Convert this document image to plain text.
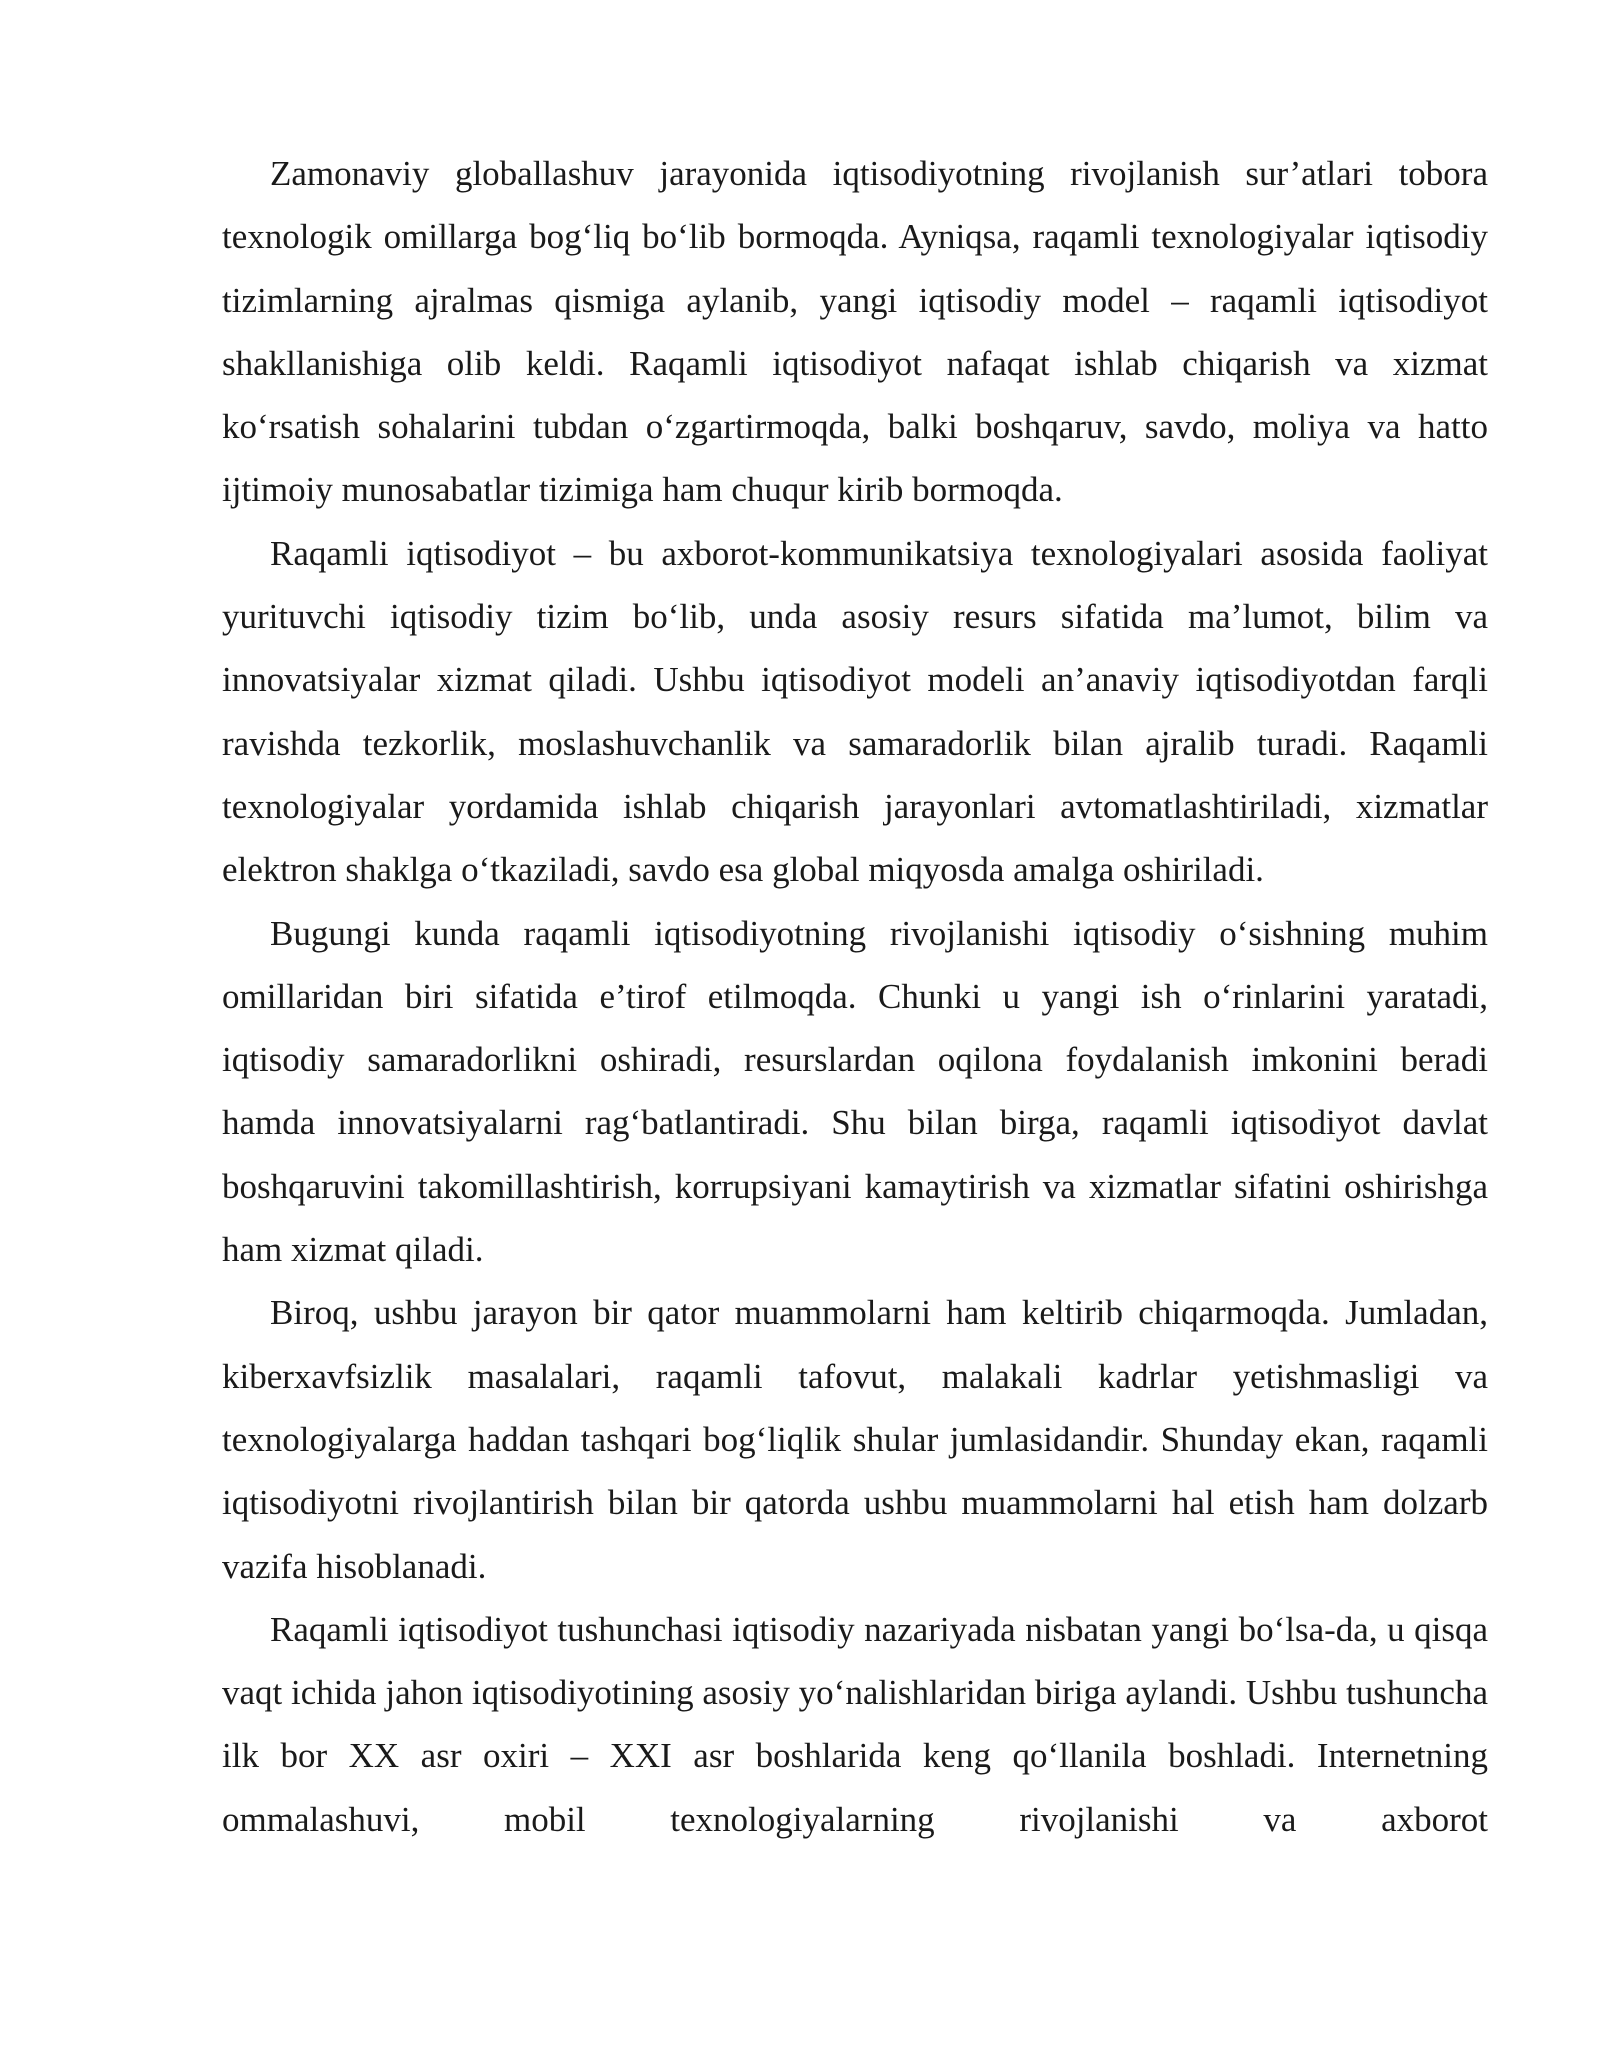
Zamonaviy globallashuv jarayonida iqtisodiyotning rivojlanish sur’atlari tobora texnologik omillarga bog‘liq bo‘lib bormoqda. Ayniqsa, raqamli texnologiyalar iqtisodiy tizimlarning ajralmas qismiga aylanib, yangi iqtisodiy model – raqamli iqtisodiyot shakllanishiga olib keldi. Raqamli iqtisodiyot nafaqat ishlab chiqarish va xizmat ko‘rsatish sohalarini tubdan o‘zgartirmoqda, balki boshqaruv, savdo, moliya va hatto ijtimoiy munosabatlar tizimiga ham chuqur kirib bormoqda.

Raqamli iqtisodiyot – bu axborot-kommunikatsiya texnologiyalari asosida faoliyat yurituvchi iqtisodiy tizim bo‘lib, unda asosiy resurs sifatida ma’lumot, bilim va innovatsiyalar xizmat qiladi. Ushbu iqtisodiyot modeli an’anaviy iqtisodiyotdan farqli ravishda tezkorlik, moslashuvchanlik va samaradorlik bilan ajralib turadi. Raqamli texnologiyalar yordamida ishlab chiqarish jarayonlari avtomatlashtiriladi, xizmatlar elektron shaklga o‘tkaziladi, savdo esa global miqyosda amalga oshiriladi.

Bugungi kunda raqamli iqtisodiyotning rivojlanishi iqtisodiy o‘sishning muhim omillaridan biri sifatida e’tirof etilmoqda. Chunki u yangi ish o‘rinlarini yaratadi, iqtisodiy samaradorlikni oshiradi, resurslardan oqilona foydalanish imkonini beradi hamda innovatsiyalarni rag‘batlantiradi. Shu bilan birga, raqamli iqtisodiyot davlat boshqaruvini takomillashtirish, korrupsiyani kamaytirish va xizmatlar sifatini oshirishga ham xizmat qiladi.

Biroq, ushbu jarayon bir qator muammolarni ham keltirib chiqarmoqda. Jumladan, kiberxavfsizlik masalalari, raqamli tafovut, malakali kadrlar yetishmasligi va texnologiyalarga haddan tashqari bog‘liqlik shular jumlasidandir. Shunday ekan, raqamli iqtisodiyotni rivojlantirish bilan bir qatorda ushbu muammolarni hal etish ham dolzarb vazifa hisoblanadi.

Raqamli iqtisodiyot tushunchasi iqtisodiy nazariyada nisbatan yangi bo‘lsa-da, u qisqa vaqt ichida jahon iqtisodiyotining asosiy yo‘nalishlaridan biriga aylandi. Ushbu tushuncha ilk bor XX asr oxiri – XXI asr boshlarida keng qo‘llanila boshladi. Internetning ommalashuvi, mobil texnologiyalarning rivojlanishi va axborot
